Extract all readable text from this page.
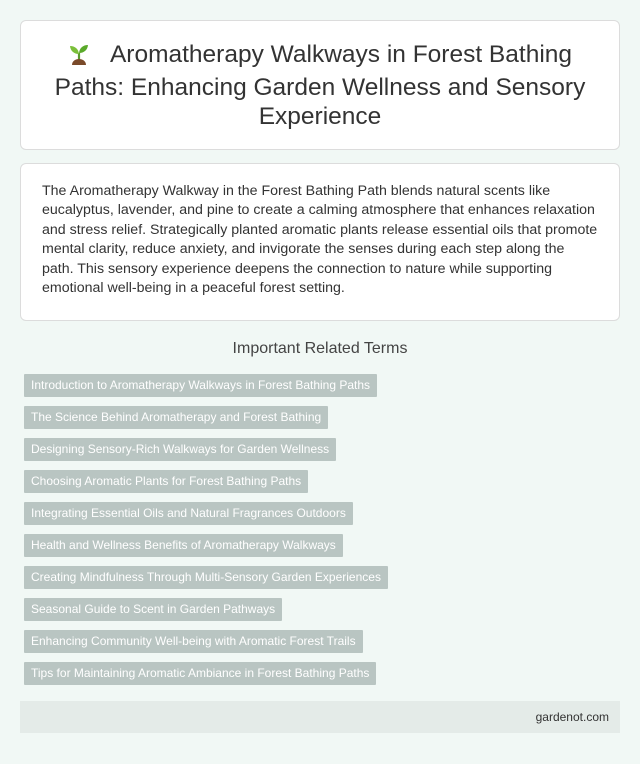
Aromatherapy Walkways in Forest Bathing Paths: Enhancing Garden Wellness and Sensory Experience

The Aromatherapy Walkway in the Forest Bathing Path blends natural scents like eucalyptus, lavender, and pine to create a calming atmosphere that enhances relaxation and stress relief. Strategically planted aromatic plants release essential oils that promote mental clarity, reduce anxiety, and invigorate the senses during each step along the path. This sensory experience deepens the connection to nature while supporting emotional well-being in a peaceful forest setting.

Important Related Terms
Introduction to Aromatherapy Walkways in Forest Bathing Paths
The Science Behind Aromatherapy and Forest Bathing
Designing Sensory-Rich Walkways for Garden Wellness
Choosing Aromatic Plants for Forest Bathing Paths
Integrating Essential Oils and Natural Fragrances Outdoors
Health and Wellness Benefits of Aromatherapy Walkways
Creating Mindfulness Through Multi-Sensory Garden Experiences
Seasonal Guide to Scent in Garden Pathways
Enhancing Community Well-being with Aromatic Forest Trails
Tips for Maintaining Aromatic Ambiance in Forest Bathing Paths
gardenot.com
